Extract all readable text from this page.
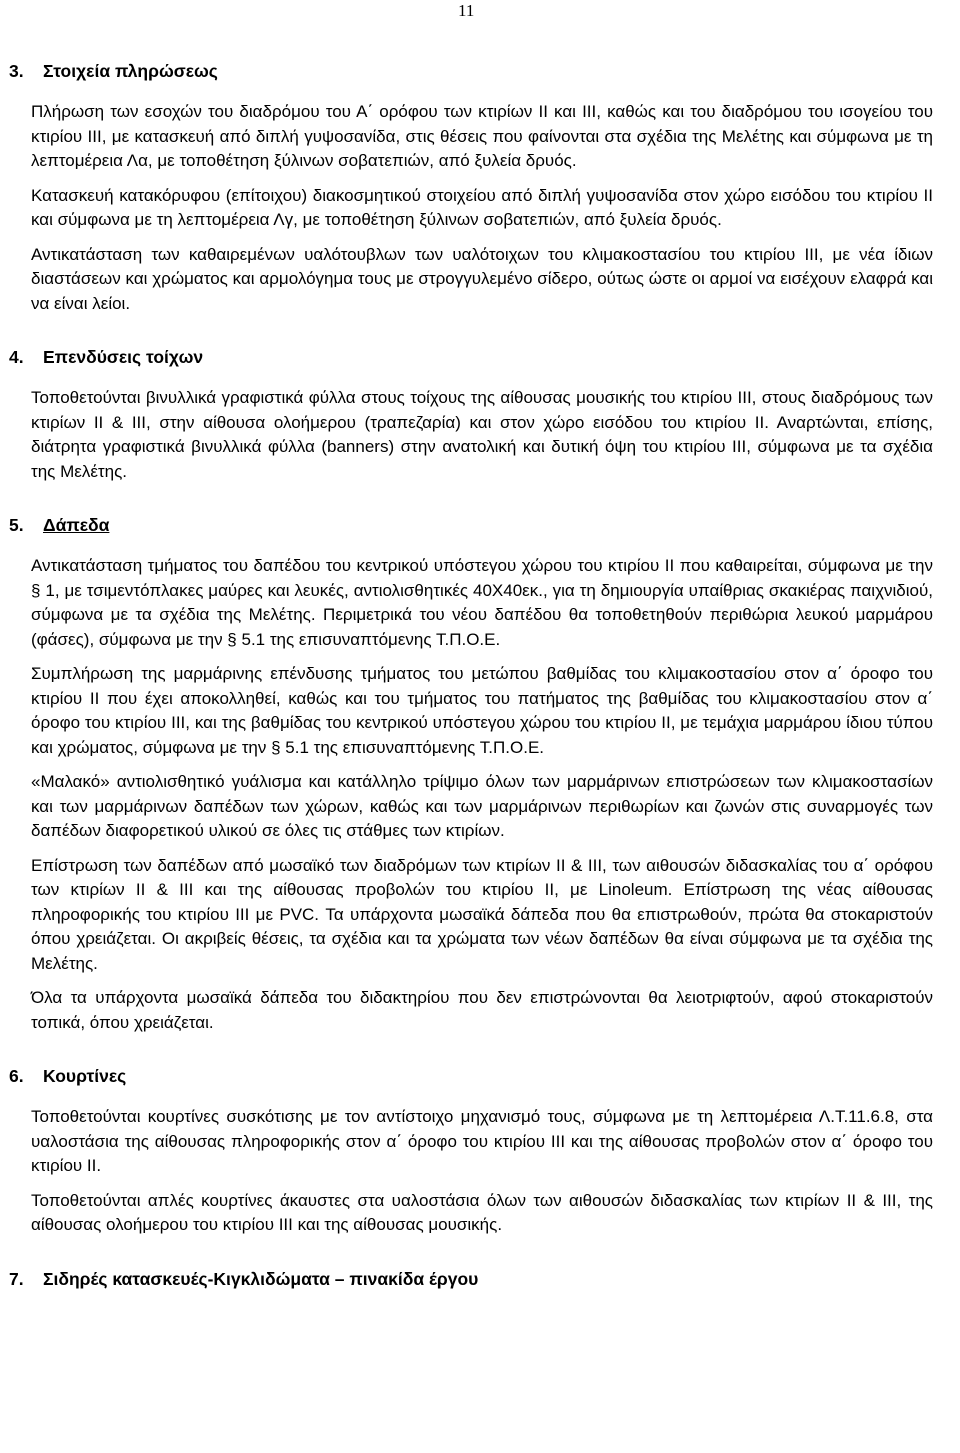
11
3. Στοιχεία πληρώσεως

Πλήρωση των εσοχών του διαδρόμου του Α΄ ορόφου των κτιρίων ΙΙ και ΙΙΙ, καθώς και του διαδρόμου του ισογείου του κτιρίου ΙΙΙ, με κατασκευή από διπλή γυψοσανίδα, στις θέσεις που φαίνονται στα σχέδια της Μελέτης και σύμφωνα με τη λεπτομέρεια Λα, με τοποθέτηση ξύλινων σοβατεπιών, από ξυλεία δρυός.

Κατασκευή κατακόρυφου (επίτοιχου) διακοσμητικού στοιχείου από διπλή γυψοσανίδα στον χώρο εισόδου του κτιρίου ΙΙ και σύμφωνα με τη λεπτομέρεια Λγ, με τοποθέτηση ξύλινων σοβατεπιών, από ξυλεία δρυός.

Αντικατάσταση των καθαιρεμένων υαλότουβλων των υαλότοιχων του κλιμακοστασίου του κτιρίου ΙΙΙ, με νέα ίδιων διαστάσεων και χρώματος και αρμολόγημα τους με στρογγυλεμένο σίδερο, ούτως ώστε οι αρμοί να εισέχουν ελαφρά και να είναι λείοι.

4. Επενδύσεις τοίχων

Τοποθετούνται βινυλλικά γραφιστικά φύλλα στους τοίχους της αίθουσας μουσικής του κτιρίου ΙΙΙ, στους διαδρόμους των κτιρίων ΙΙ & ΙΙΙ, στην αίθουσα ολοήμερου (τραπεζαρία) και στον χώρο εισόδου του κτιρίου ΙΙ. Αναρτώνται, επίσης, διάτρητα γραφιστικά βινυλλικά φύλλα (banners) στην ανατολική και δυτική όψη του κτιρίου ΙΙΙ, σύμφωνα με τα σχέδια της Μελέτης.

5. Δάπεδα

Αντικατάσταση τμήματος του δαπέδου του κεντρικού υπόστεγου χώρου του κτιρίου ΙΙ που καθαιρείται, σύμφωνα με την § 1, με τσιμεντόπλακες μαύρες και λευκές, αντιολισθητικές 40Χ40εκ., για τη δημιουργία υπαίθριας σκακιέρας παιχνιδιού, σύμφωνα με τα σχέδια της Μελέτης. Περιμετρικά του νέου δαπέδου θα τοποθετηθούν περιθώρια λευκού μαρμάρου (φάσες), σύμφωνα με την § 5.1 της επισυναπτόμενης Τ.Π.Ο.Ε.

Συμπλήρωση της μαρμάρινης επένδυσης τμήματος του μετώπου βαθμίδας του κλιμακοστασίου στον α΄ όροφο του κτιρίου ΙΙ που έχει αποκολληθεί, καθώς και του τμήματος του πατήματος της βαθμίδας του κλιμακοστασίου στον α΄ όροφο του κτιρίου ΙΙΙ, και της βαθμίδας του κεντρικού υπόστεγου χώρου του κτιρίου ΙΙ, με τεμάχια μαρμάρου ίδιου τύπου και χρώματος, σύμφωνα με την § 5.1 της επισυναπτόμενης Τ.Π.Ο.Ε.

«Μαλακό» αντιολισθητικό γυάλισμα και κατάλληλο τρίψιμο όλων των μαρμάρινων επιστρώσεων των κλιμακοστασίων και των μαρμάρινων δαπέδων των χώρων, καθώς και των μαρμάρινων περιθωρίων και ζωνών στις συναρμογές των δαπέδων διαφορετικού υλικού σε όλες τις στάθμες των κτιρίων.

Επίστρωση των δαπέδων από μωσαϊκό των διαδρόμων των κτιρίων ΙΙ & ΙΙΙ, των αιθουσών διδασκαλίας του α΄ ορόφου των κτιρίων ΙΙ & ΙΙΙ και της αίθουσας προβολών του κτιρίου ΙΙ, με Linoleum. Επίστρωση της νέας αίθουσας πληροφορικής του κτιρίου ΙΙΙ με PVC. Τα υπάρχοντα μωσαϊκά δάπεδα που θα επιστρωθούν, πρώτα θα στοκαριστούν όπου χρειάζεται. Οι ακριβείς θέσεις, τα σχέδια και τα χρώματα των νέων δαπέδων θα είναι σύμφωνα με τα σχέδια της Μελέτης.

Όλα τα υπάρχοντα μωσαϊκά δάπεδα του διδακτηρίου που δεν επιστρώνονται θα λειοτριφτούν, αφού στοκαριστούν τοπικά, όπου χρειάζεται.

6. Κουρτίνες

Τοποθετούνται κουρτίνες συσκότισης με τον αντίστοιχο μηχανισμό τους, σύμφωνα με τη λεπτομέρεια Λ.Τ.11.6.8, στα υαλοστάσια της αίθουσας πληροφορικής στον α΄ όροφο του κτιρίου ΙΙΙ και της αίθουσας προβολών στον α΄ όροφο του κτιρίου ΙΙ.

Τοποθετούνται απλές κουρτίνες άκαυστες στα υαλοστάσια όλων των αιθουσών διδασκαλίας των κτιρίων ΙΙ & ΙΙΙ, της αίθουσας ολοήμερου του κτιρίου ΙΙΙ και της αίθουσας μουσικής.

7. Σιδηρές κατασκευές-Κιγκλιδώματα – πινακίδα έργου
